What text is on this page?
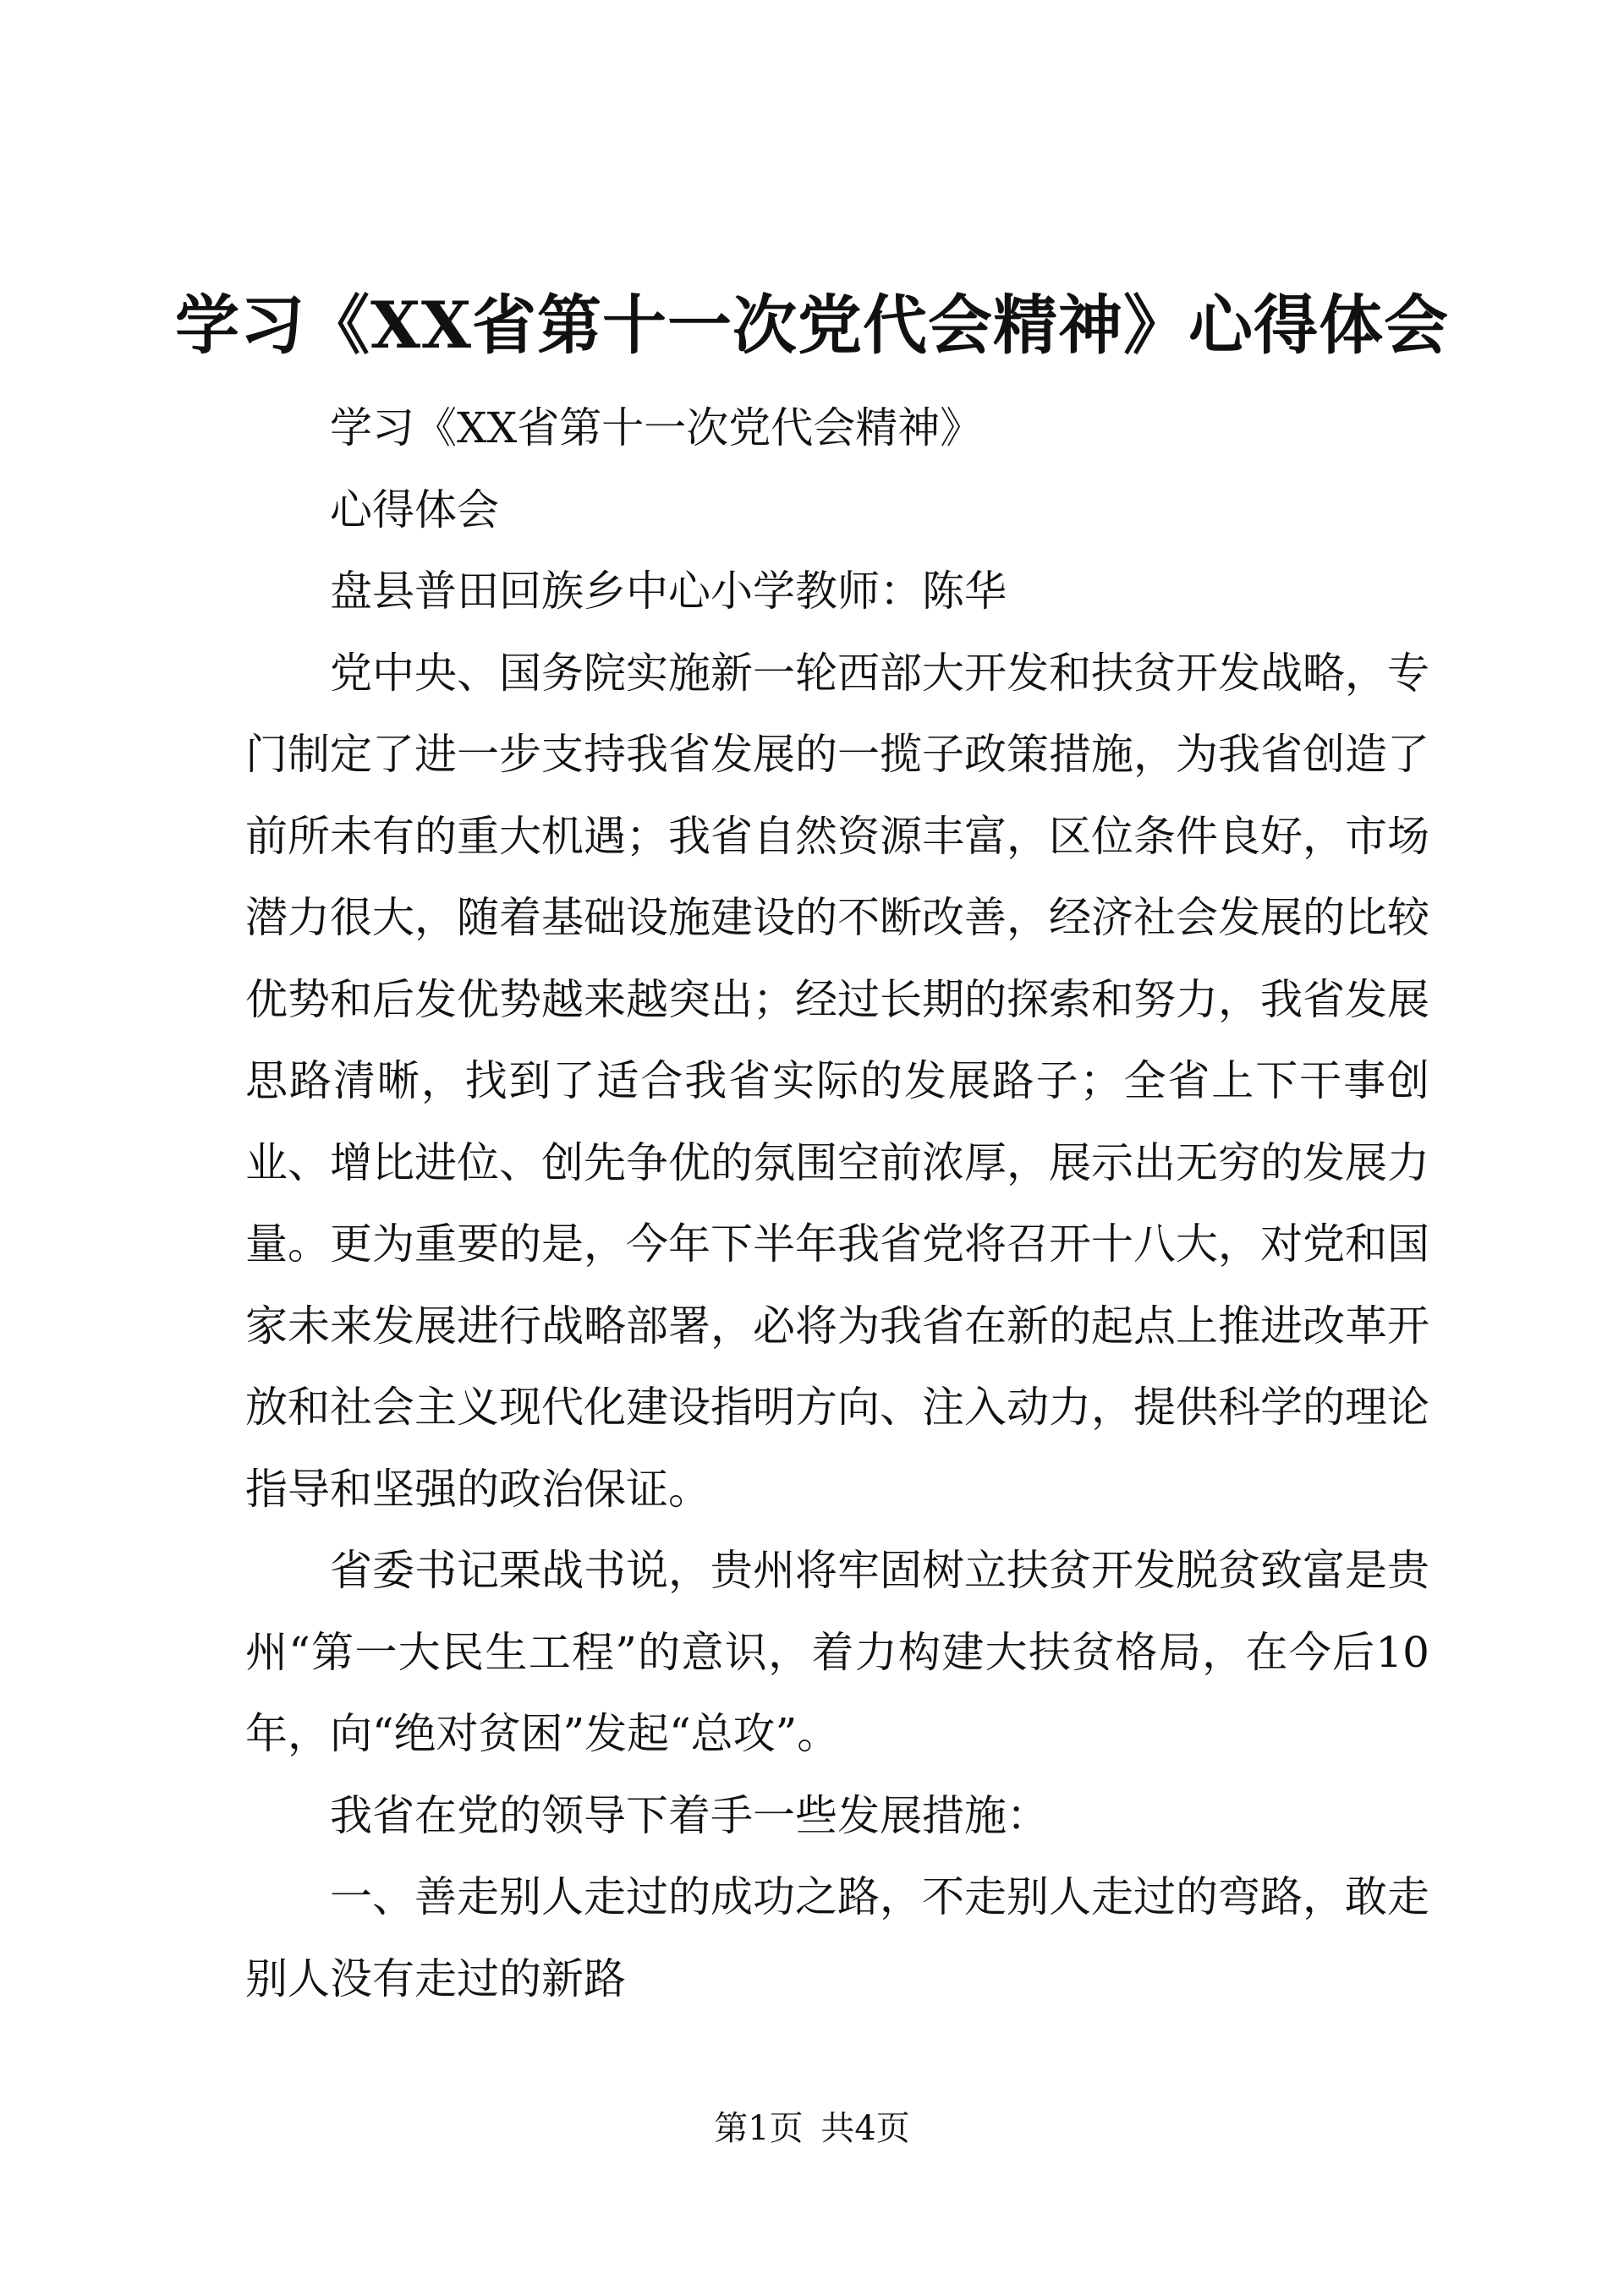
学习《XX省第十一次党代会精神》心得体会

学习《XX省第十一次党代会精神》

心得体会

盘县普田回族乡中心小学教师：陈华

党中央、国务院实施新一轮西部大开发和扶贫开发战略，专门制定了进一步支持我省发展的一揽子政策措施，为我省创造了前所未有的重大机遇；我省自然资源丰富，区位条件良好，市场潜力很大，随着基础设施建设的不断改善，经济社会发展的比较优势和后发优势越来越突出；经过长期的探索和努力，我省发展思路清晰，找到了适合我省实际的发展路子；全省上下干事创业、增比进位、创先争优的氛围空前浓厚，展示出无穷的发展力量。更为重要的是，今年下半年我省党将召开十八大，对党和国家未来发展进行战略部署，必将为我省在新的起点上推进改革开放和社会主义现代化建设指明方向、注入动力，提供科学的理论指导和坚强的政治保证。

省委书记栗战书说，贵州将牢固树立扶贫开发脱贫致富是贵州“第一大民生工程”的意识，着力构建大扶贫格局，在今后10年，向“绝对贫困”发起“总攻”。

我省在党的领导下着手一些发展措施：

一、善走别人走过的成功之路，不走别人走过的弯路，敢走别人没有走过的新路

第1页 共4页
